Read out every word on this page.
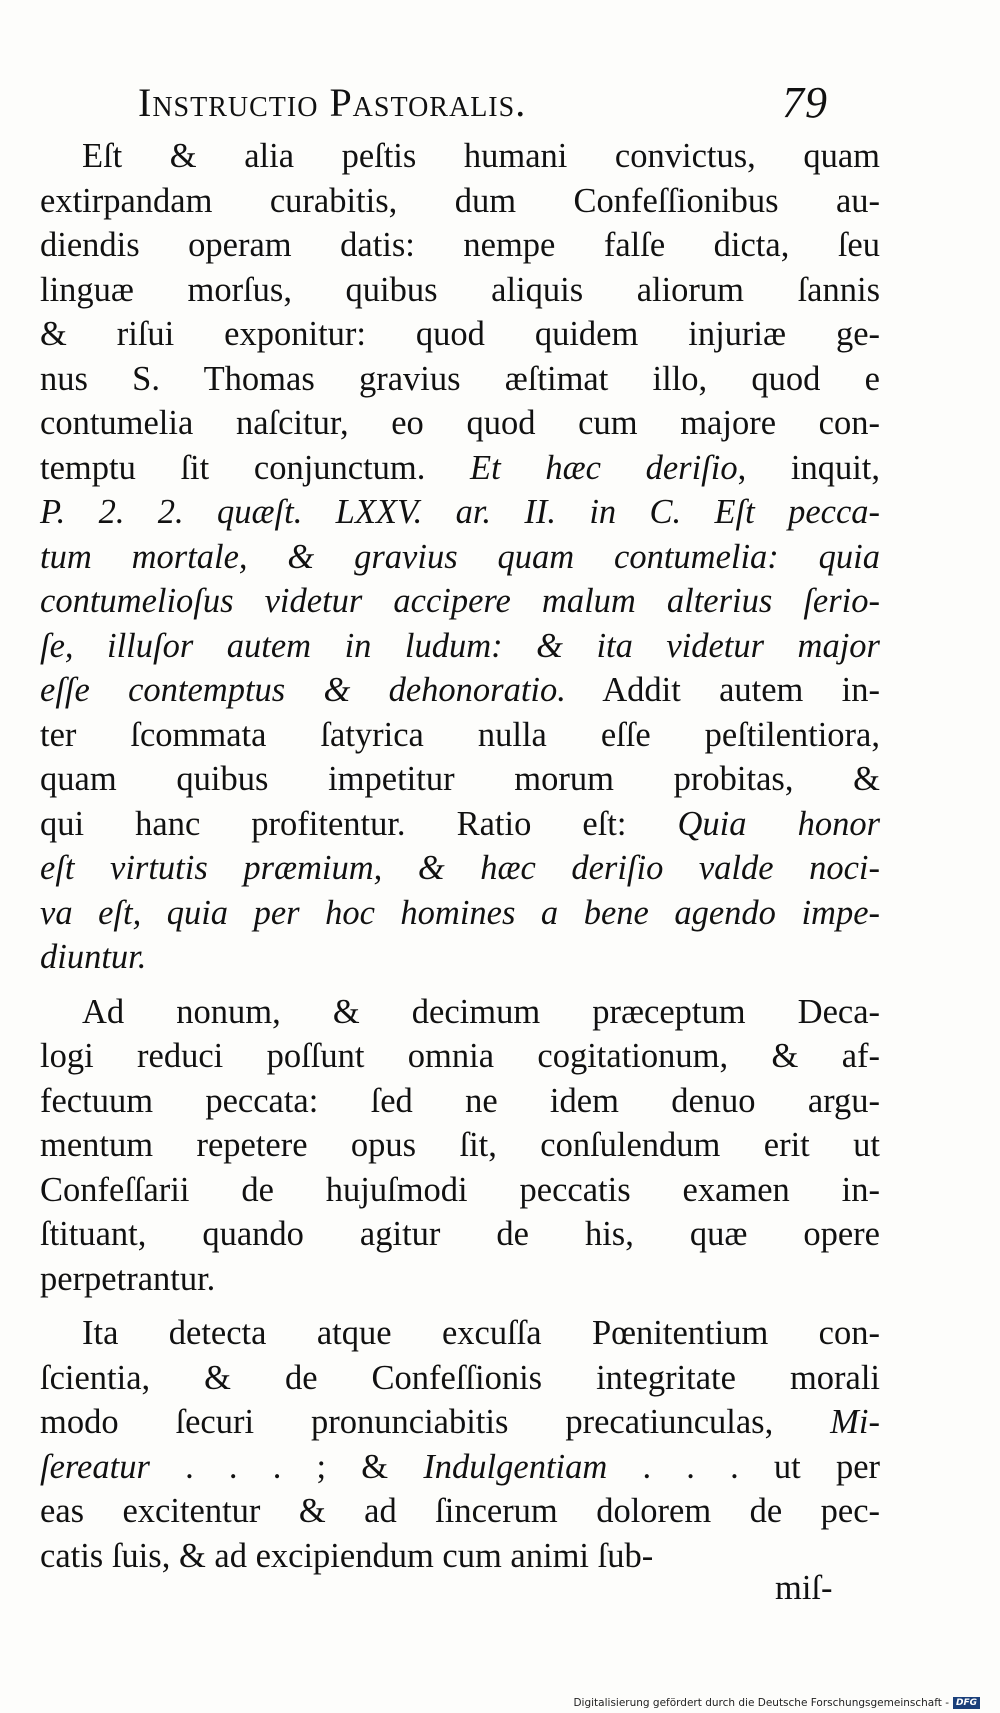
Instructio Pastoralis.	79
Eſt & alia peſtis humani convictus, quam
extirpandam curabitis, dum Confeſſionibus au-
diendis operam datis: nempe falſe dicta, ſeu
linguæ morſus, quibus aliquis aliorum ſannis
& riſui exponitur: quod quidem injuriæ ge-
nus S. Thomas gravius æſtimat illo, quod e
contumelia naſcitur, eo quod cum majore con-
temptu ſit conjunctum. Et hæc deriſio, inquit,
P. 2. 2. quæſt. LXXV. ar. II. in C. Eſt pecca-
tum mortale, & gravius quam contumelia: quia
contumelioſus videtur accipere malum alterius ſerio-
ſe, illuſor autem in ludum: & ita videtur major
eſſe contemptus & dehonoratio. Addit autem in-
ter ſcommata ſatyrica nulla eſſe peſtilentiora,
quam quibus impetitur morum probitas, &
qui hanc profitentur. Ratio eſt: Quia honor
eſt virtutis præmium, & hæc deriſio valde noci-
va eſt, quia per hoc homines a bene agendo impe-
diuntur.
Ad nonum, & decimum præceptum Deca-
logi reduci poſſunt omnia cogitationum, & af-
fectuum peccata: ſed ne idem denuo argu-
mentum repetere opus ſit, conſulendum erit ut
Confeſſarii de hujuſmodi peccatis examen in-
ſtituant, quando agitur de his, quæ opere
perpetrantur.
Ita detecta atque excuſſa Pœnitentium con-
ſcientia, & de Confeſſionis integritate morali
modo ſecuri pronunciabitis precatiunculas, Mi-
ſereatur . . . ; & Indulgentiam . . . ut per
eas excitentur & ad ſincerum dolorem de pec-
catis ſuis, & ad excipiendum cum animi ſub-
miſ-
Digitalisierung gefördert durch die Deutsche Forschungsgemeinschaft - DFG
